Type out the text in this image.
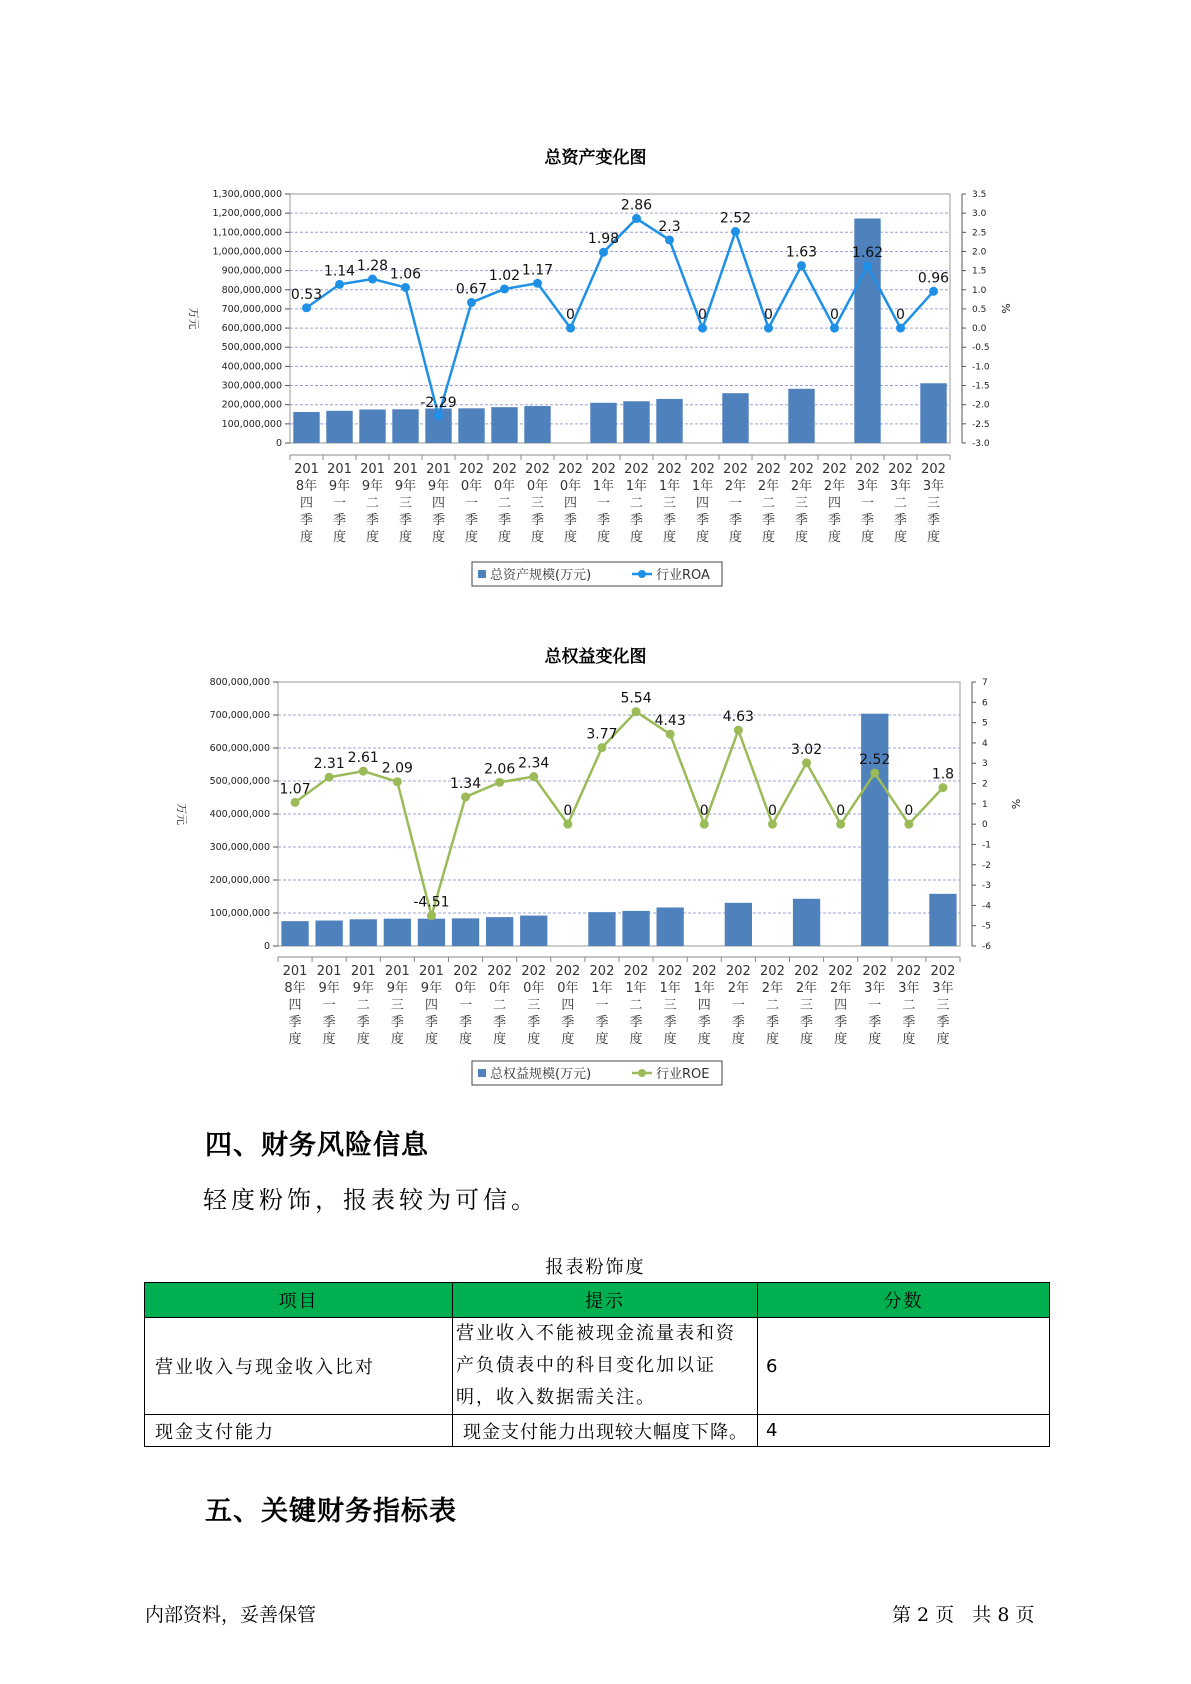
总资产变化图
0
100,000,000
200,000,000
300,000,000
400,000,000
500,000,000
600,000,000
700,000,000
800,000,000
900,000,000
1,000,000,000
1,100,000,000
1,200,000,000
1,300,000,000	3.5
3.0
2.5
2.0
1.5
1.0
0.5
0.0
-0.5
-1.0
-1.5
-2.0
-2.5
-3.0
万元	%
201
8年
四
季
度
201
9年
一
季
度
201
9年
二
季
度
201
9年
三
季
度
201
9年
四
季
度
202
0年
一
季
度
202
0年
二
季
度
202
0年
三
季
度
202
0年
四
季
度
202
1年
一
季
度
202
1年
二
季
度
202
1年
三
季
度
202
1年
四
季
度
202
2年
一
季
度
202
2年
二
季
度
202
2年
三
季
度
202
2年
四
季
度
202
3年
一
季
度
202
3年
二
季
度
202
3年
三
季
度
0.53
1.14 1.28
1.06
-2.29
0.67
1.02 1.17
0
1.98
2.86
2.3
0
2.52
0
1.63
0
1.62
0
0.96
总资产规模(万元)	行业ROA
总权益变化图
0
100,000,000
200,000,000
300,000,000
400,000,000
500,000,000
600,000,000
700,000,000
800,000,000	7
6
5
4
3
2
1
0
-1
-2
-3
-4
-5
-6
万元	%
201
8年
四
季
度
201
9年
一
季
度
201
9年
二
季
度
201
9年
三
季
度
201
9年
四
季
度
202
0年
一
季
度
202
0年
二
季
度
202
0年
三
季
度
202
0年
四
季
度
202
1年
一
季
度
202
1年
二
季
度
202
1年
三
季
度
202
1年
四
季
度
202
2年
一
季
度
202
2年
二
季
度
202
2年
三
季
度
202
2年
四
季
度
202
3年
一
季
度
202
3年
二
季
度
202
3年
三
季
度
1.07
2.31 2.61
2.09
-4.51
1.34
2.06 2.34
0
3.77
5.54
4.43
0
4.63
0
3.02
0
2.52
0
1.8
总权益规模(万元)	行业ROE
四、财务风险信息
轻度粉饰，报表较为可信。
报表粉饰度
项目	提示	分数
营业收入与现金收入比对	营业收入不能被现金流量表和资产负债表中的科目变化加以证明，收入数据需关注。	6
现金支付能力	现金支付能力出现较大幅度下降。	4
五、关键财务指标表
内部资料，妥善保管	第 2 页   共 8 页
